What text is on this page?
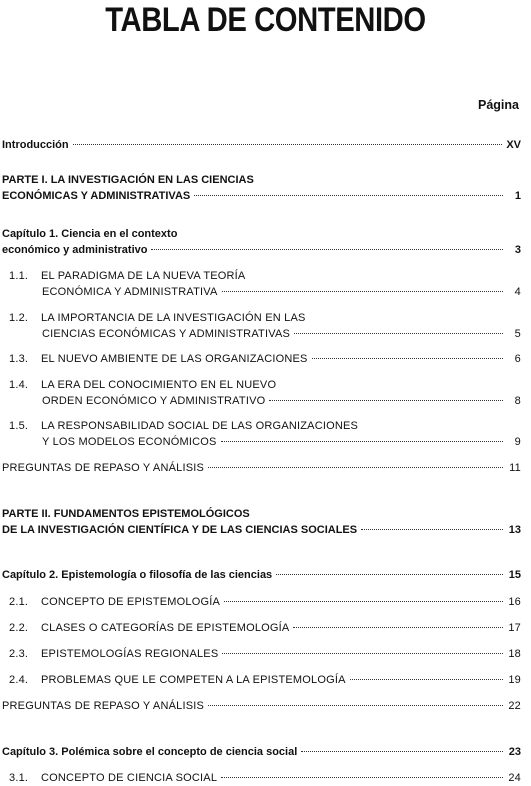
TABLA DE CONTENIDO
Página
Introducción	XV
PARTE I. LA INVESTIGACIÓN EN LAS CIENCIAS
ECONÓMICAS Y ADMINISTRATIVAS	1
Capítulo 1. Ciencia en el contexto
económico y administrativo	3
1.1.	EL PARADIGMA DE LA NUEVA TEORÍA
ECONÓMICA Y ADMINISTRATIVA	4
1.2.	LA IMPORTANCIA DE LA INVESTIGACIÓN EN LAS
CIENCIAS ECONÓMICAS Y ADMINISTRATIVAS	5
1.3.	EL NUEVO AMBIENTE DE LAS ORGANIZACIONES	6
1.4.	LA ERA DEL CONOCIMIENTO EN EL NUEVO
ORDEN ECONÓMICO Y ADMINISTRATIVO	8
1.5.	LA RESPONSABILIDAD SOCIAL DE LAS ORGANIZACIONES
Y LOS MODELOS ECONÓMICOS	9
PREGUNTAS DE REPASO Y ANÁLISIS	11
PARTE II. FUNDAMENTOS EPISTEMOLÓGICOS
DE LA INVESTIGACIÓN CIENTÍFICA Y DE LAS CIENCIAS SOCIALES	13
Capítulo 2. Epistemología o filosofía de las ciencias	15
2.1.	CONCEPTO DE EPISTEMOLOGÍA	16
2.2.	CLASES O CATEGORÍAS DE EPISTEMOLOGÍA	17
2.3.	EPISTEMOLOGÍAS REGIONALES	18
2.4.	PROBLEMAS QUE LE COMPETEN A LA EPISTEMOLOGÍA	19
PREGUNTAS DE REPASO Y ANÁLISIS	22
Capítulo 3. Polémica sobre el concepto de ciencia social	23
3.1.	CONCEPTO DE CIENCIA SOCIAL	24
